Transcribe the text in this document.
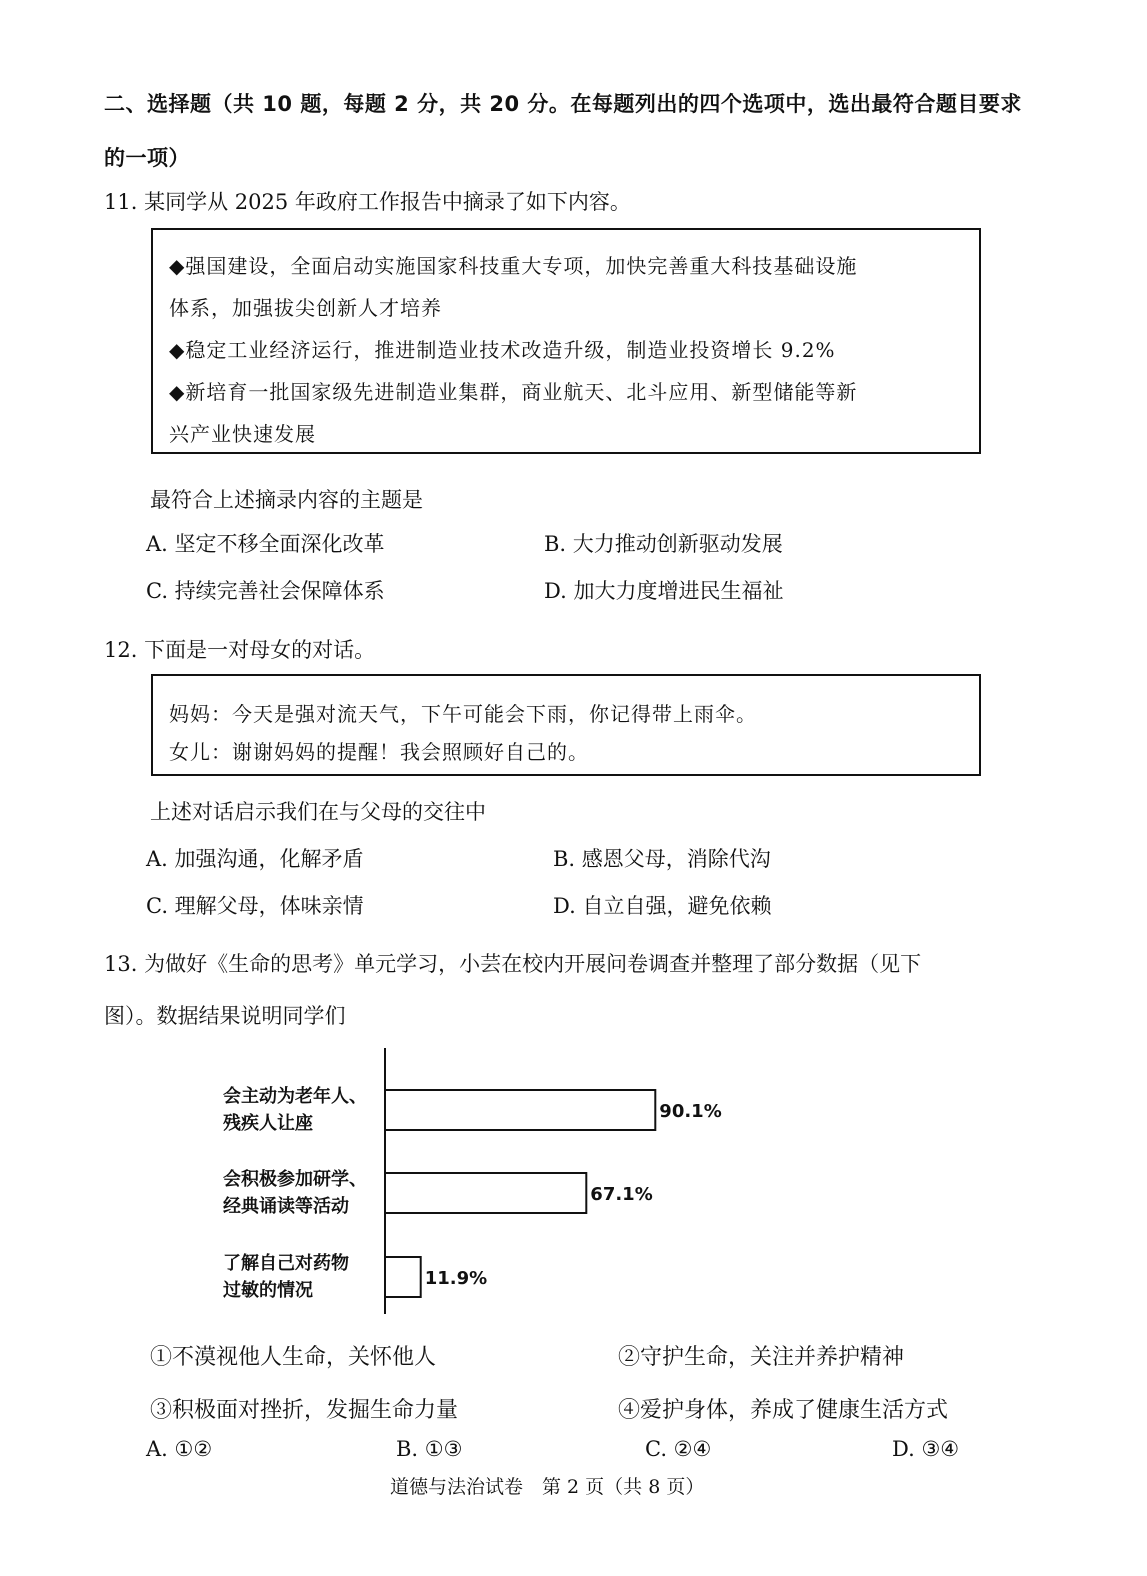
二、选择题（共 10 题，每题 2 分，共 20 分。在每题列出的四个选项中，选出最符合题目要求
的一项）
11. 某同学从 2025 年政府工作报告中摘录了如下内容。
◆强国建设，全面启动实施国家科技重大专项，加快完善重大科技基础设施
体系，加强拔尖创新人才培养
◆稳定工业经济运行，推进制造业技术改造升级，制造业投资增长 9.2%
◆新培育一批国家级先进制造业集群，商业航天、北斗应用、新型储能等新
兴产业快速发展
最符合上述摘录内容的主题是
A. 坚定不移全面深化改革	B. 大力推动创新驱动发展
C. 持续完善社会保障体系	D. 加大力度增进民生福祉
12. 下面是一对母女的对话。
妈妈：今天是强对流天气，下午可能会下雨，你记得带上雨伞。
女儿：谢谢妈妈的提醒！我会照顾好自己的。
上述对话启示我们在与父母的交往中
A. 加强沟通，化解矛盾	B. 感恩父母，消除代沟
C. 理解父母，体味亲情	D. 自立自强，避免依赖
13. 为做好《生命的思考》单元学习，小芸在校内开展问卷调查并整理了部分数据（见下
图）。数据结果说明同学们
90.1%
会主动为老年人、残疾人让座
67.1%
会积极参加研学、经典诵读等活动
11.9%
了解自己对药物过敏的情况
①不漠视他人生命，关怀他人	②守护生命，关注并养护精神
③积极面对挫折，发掘生命力量	④爱护身体，养成了健康生活方式
A. ①②	B. ①③	C. ②④	D. ③④
道德与法治试卷　第 2 页（共 8 页）
